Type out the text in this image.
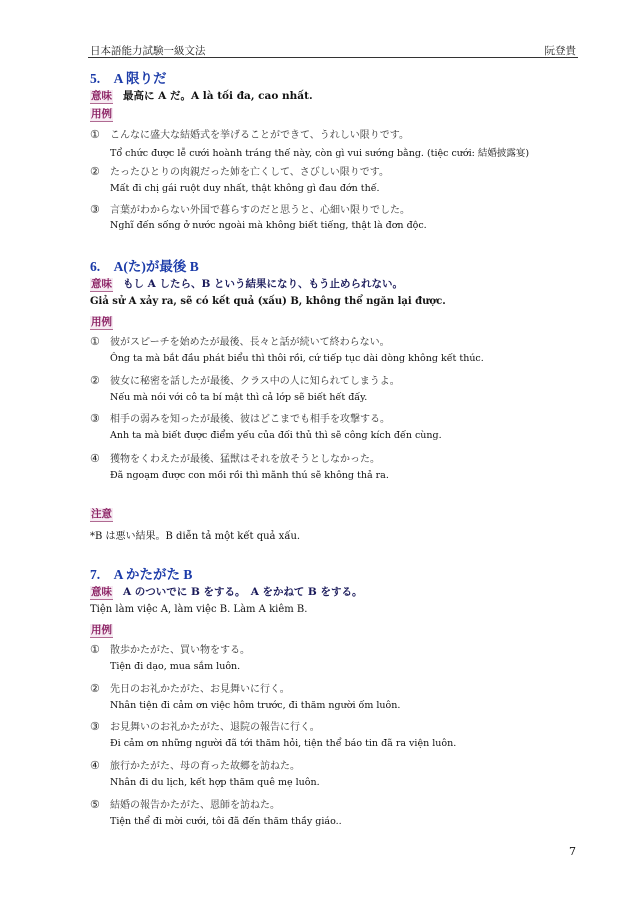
日本語能力試験一級文法	阮登貴
5.　A 限りだ
意味 最高に A だ。A là tối đa, cao nhất.
用例
① こんなに盛大な結婚式を挙げることができて、うれしい限りです。
Tổ chức được lễ cưới hoành tráng thế này, còn gì vui sướng bằng. (tiệc cưới: 結婚披露宴)
② たったひとりの肉親だった姉を亡くして、さびしい限りです。
Mất đi chị gái ruột duy nhất, thật không gì đau đớn thế.
③ 言葉がわからない外国で暮らすのだと思うと、心細い限りでした。
Nghĩ đến sống ở nước ngoài mà không biết tiếng, thật là đơn độc.
6.　A(た)が最後 B
意味 もし A したら、B という結果になり、もう止められない。
Giả sử A xảy ra, sẽ có kết quả (xấu) B, không thể ngăn lại được.
用例
① 彼がスピーチを始めたが最後、長々と話が続いて終わらない。
Ông ta mà bắt đầu phát biểu thì thôi rồi, cứ tiếp tục dài dòng không kết thúc.
② 彼女に秘密を話したが最後、クラス中の人に知られてしまうよ。
Nếu mà nói với cô ta bí mật thì cả lớp sẽ biết hết đấy.
③ 相手の弱みを知ったが最後、彼はどこまでも相手を攻撃する。
Anh ta mà biết được điểm yếu của đối thủ thì sẽ công kích đến cùng.
④ 獲物をくわえたが最後、猛獣はそれを放そうとしなかった。
Đã ngoạm được con mồi rồi thì mãnh thú sẽ không thả ra.
注意
*B は悪い結果。B diễn tả một kết quả xấu.
7.　A かたがた B
意味 A のついでに B をする。　A をかねて B をする。
Tiện làm việc A, làm việc B. Làm A kiêm B.
用例
① 散歩かたがた、買い物をする。
Tiện đi dạo, mua sắm luôn.
② 先日のお礼かたがた、お見舞いに行く。
Nhân tiện đi cảm ơn việc hôm trước, đi thăm người ốm luôn.
③ お見舞いのお礼かたがた、退院の報告に行く。
Đi cảm ơn những người đã tới thăm hỏi, tiện thể báo tin đã ra viện luôn.
④ 旅行かたがた、母の育った故郷を訪ねた。
Nhân đi du lịch, kết hợp thăm quê mẹ luôn.
⑤ 結婚の報告かたがた、恩師を訪ねた。
Tiện thể đi mời cưới, tôi đã đến thăm thầy giáo..
7
